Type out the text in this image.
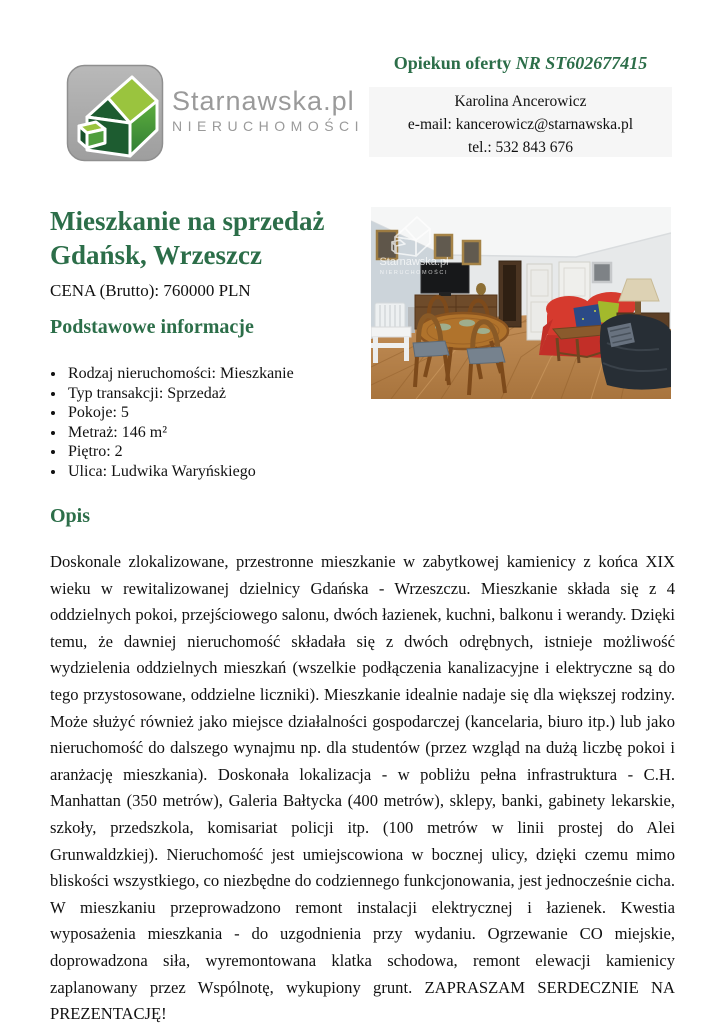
Starnawska.pl
NIERUCHOMOŚCI
Opiekun oferty NR ST602677415
Karolina Ancerowicz
e-mail: kancerowicz@starnawska.pl
tel.: 532 843 676
Mieszkanie na sprzedaż
Gdańsk, Wrzeszcz
CENA (Brutto): 760000 PLN
Podstawowe informacje
• Rodzaj nieruchomości: Mieszkanie
• Typ transakcji: Sprzedaż
• Pokoje: 5
• Metraż: 146 m²
• Piętro: 2
• Ulica: Ludwika Waryńskiego
Starnawska.pl
NIERUCHOMOŚCI
Opis

Doskonale zlokalizowane, przestronne mieszkanie w zabytkowej kamienicy z końca XIX wieku w rewitalizowanej dzielnicy Gdańska - Wrzeszczu. Mieszkanie składa się z 4 oddzielnych pokoi, przejściowego salonu, dwóch łazienek, kuchni, balkonu i werandy. Dzięki temu, że dawniej nieruchomość składała się z dwóch odrębnych, istnieje możliwość wydzielenia oddzielnych mieszkań (wszelkie podłączenia kanalizacyjne i elektryczne są do tego przystosowane, oddzielne liczniki). Mieszkanie idealnie nadaje się dla większej rodziny. Może służyć również jako miejsce działalności gospodarczej (kancelaria, biuro itp.) lub jako nieruchomość do dalszego wynajmu np. dla studentów (przez wzgląd na dużą liczbę pokoi i aranżację mieszkania). Doskonała lokalizacja - w pobliżu pełna infrastruktura - C.H. Manhattan (350 metrów), Galeria Bałtycka (400 metrów), sklepy, banki, gabinety lekarskie, szkoły, przedszkola, komisariat policji itp. (100 metrów w linii prostej do Alei Grunwaldzkiej). Nieruchomość jest umiejscowiona w bocznej ulicy, dzięki czemu mimo bliskości wszystkiego, co niezbędne do codziennego funkcjonowania, jest jednocześnie cicha. W mieszkaniu przeprowadzono remont instalacji elektrycznej i łazienek. Kwestia wyposażenia mieszkania - do uzgodnienia przy wydaniu. Ogrzewanie CO miejskie, doprowadzona siła, wyremontowana klatka schodowa, remont elewacji kamienicy zaplanowany przez Wspólnotę, wykupiony grunt. ZAPRASZAM SERDECZNIE NA PREZENTACJĘ!
